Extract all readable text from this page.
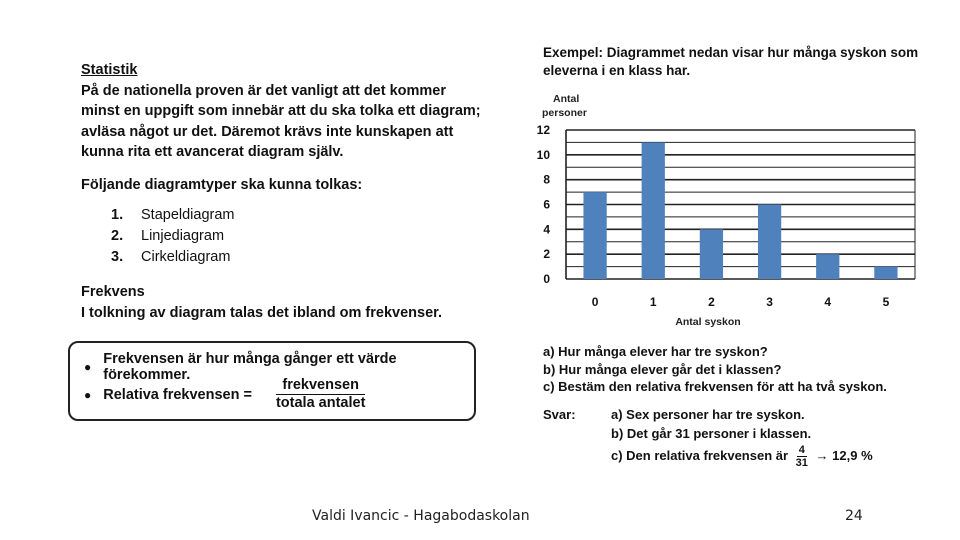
Statistik

På de nationella proven är det vanligt att det kommer

minst en uppgift som innebär att du ska tolka ett diagram;

avläsa något ur det. Däremot krävs inte kunskapen att

kunna rita ett avancerat diagram själv.

Följande diagramtyper ska kunna tolkas:

1. Stapeldiagram
2. Linjediagram
3. Cirkeldiagram

Frekvens

I tolkning av diagram talas det ibland om frekvenser.

● Frekvensen är hur många gånger ett värde förekommer.
● Relativa frekvensen = $\frac{\text{frekvensen}}{\text{totala antalet}}$
Exempel: Diagrammet nedan visar hur många syskon som
eleverna i en klass har.
Antal
personer
0
2
4
6
8
10
12
0	1	2	3	4	5
Antal syskon
a) Hur många elever har tre syskon?
b) Hur många elever går det i klassen?
c) Bestäm den relativa frekvensen för att ha två syskon.
Svar:	a) Sex personer har tre syskon.
b) Det går 31 personer i klassen.
c) Den relativa frekvensen är $\frac{4}{31} \to 12,9$ %
Valdi Ivancic - Hagabodaskolan	24
